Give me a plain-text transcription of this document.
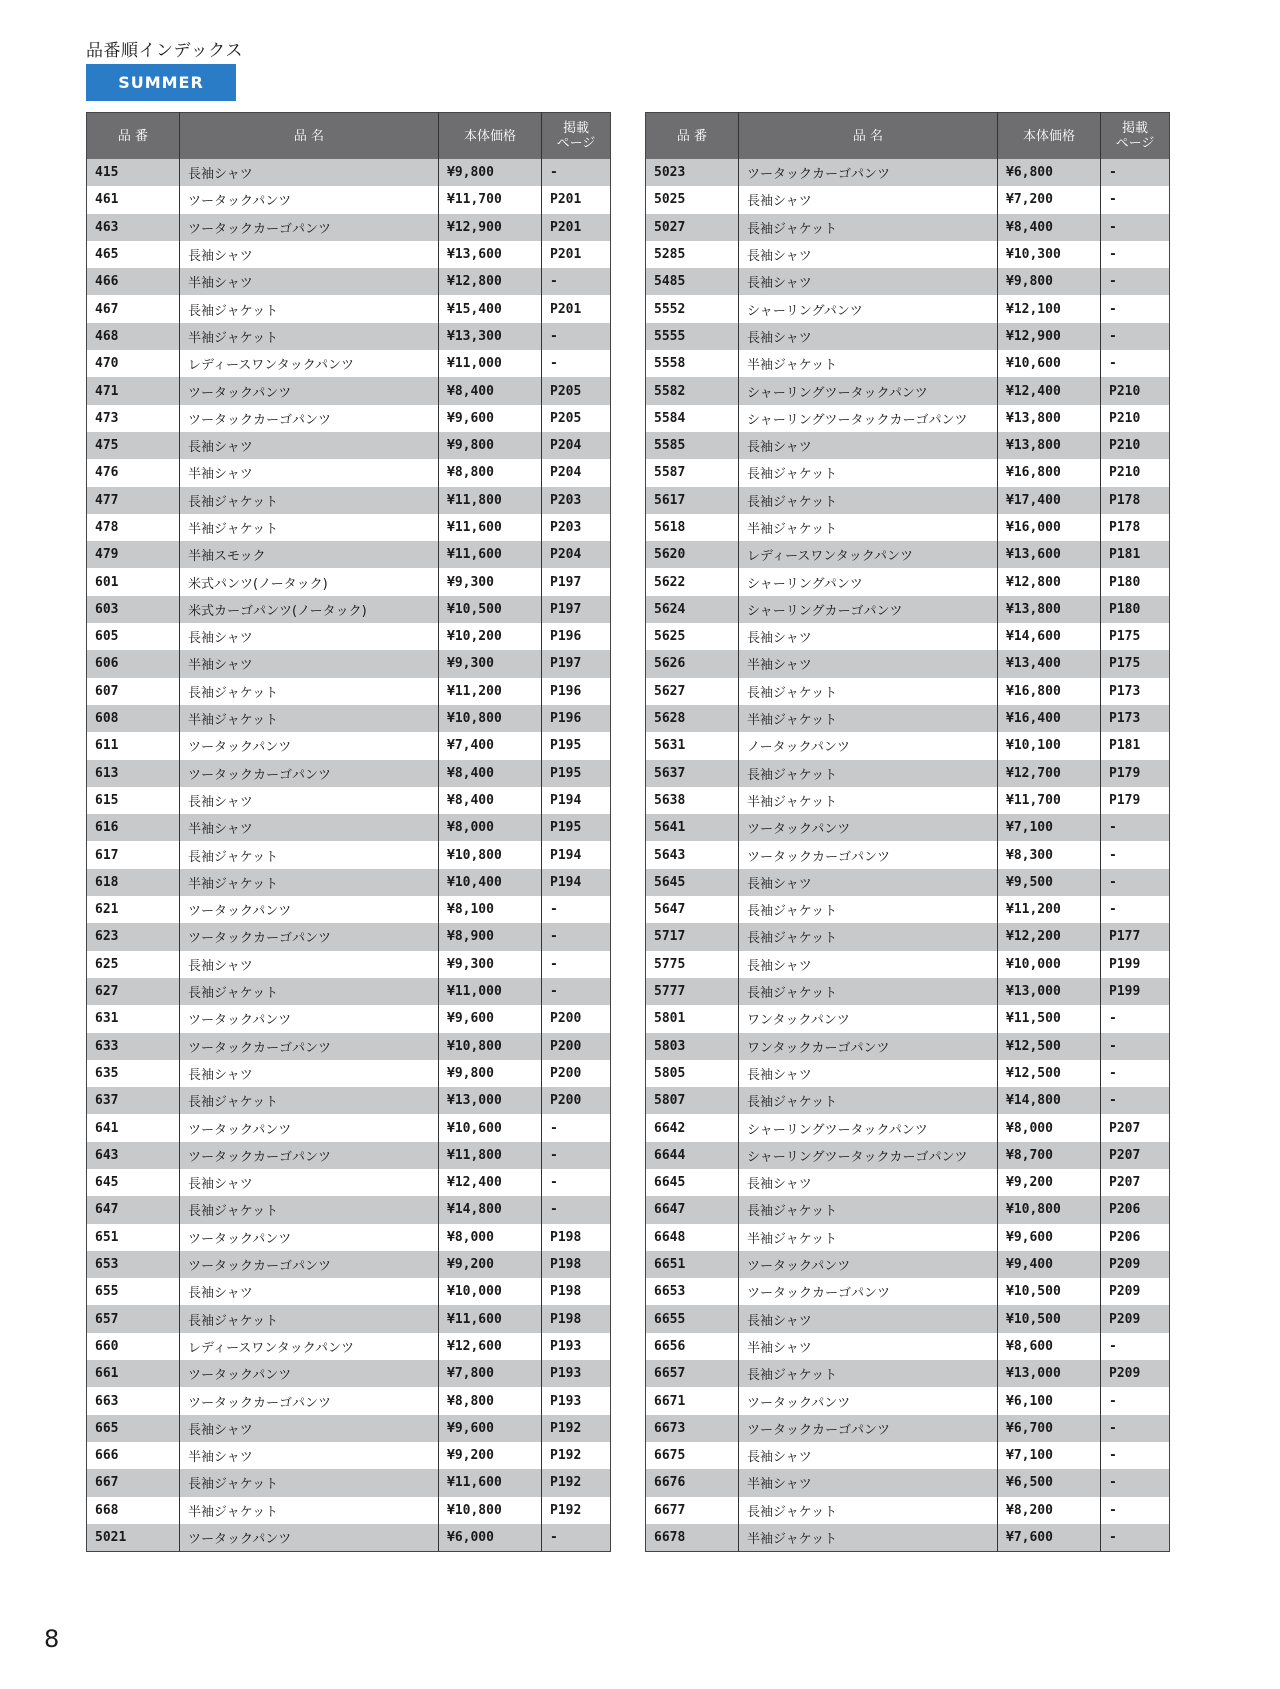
品番順インデックス
SUMMER
品 番	品 名	本体価格	掲載
ページ
415	長袖シャツ	¥9,800	-
461	ツータックパンツ	¥11,700	P201
463	ツータックカーゴパンツ	¥12,900	P201
465	長袖シャツ	¥13,600	P201
466	半袖シャツ	¥12,800	-
467	長袖ジャケット	¥15,400	P201
468	半袖ジャケット	¥13,300	-
470	レディースワンタックパンツ	¥11,000	-
471	ツータックパンツ	¥8,400	P205
473	ツータックカーゴパンツ	¥9,600	P205
475	長袖シャツ	¥9,800	P204
476	半袖シャツ	¥8,800	P204
477	長袖ジャケット	¥11,800	P203
478	半袖ジャケット	¥11,600	P203
479	半袖スモック	¥11,600	P204
601	米式パンツ(ノータック)	¥9,300	P197
603	米式カーゴパンツ(ノータック)	¥10,500	P197
605	長袖シャツ	¥10,200	P196
606	半袖シャツ	¥9,300	P197
607	長袖ジャケット	¥11,200	P196
608	半袖ジャケット	¥10,800	P196
611	ツータックパンツ	¥7,400	P195
613	ツータックカーゴパンツ	¥8,400	P195
615	長袖シャツ	¥8,400	P194
616	半袖シャツ	¥8,000	P195
617	長袖ジャケット	¥10,800	P194
618	半袖ジャケット	¥10,400	P194
621	ツータックパンツ	¥8,100	-
623	ツータックカーゴパンツ	¥8,900	-
625	長袖シャツ	¥9,300	-
627	長袖ジャケット	¥11,000	-
631	ツータックパンツ	¥9,600	P200
633	ツータックカーゴパンツ	¥10,800	P200
635	長袖シャツ	¥9,800	P200
637	長袖ジャケット	¥13,000	P200
641	ツータックパンツ	¥10,600	-
643	ツータックカーゴパンツ	¥11,800	-
645	長袖シャツ	¥12,400	-
647	長袖ジャケット	¥14,800	-
651	ツータックパンツ	¥8,000	P198
653	ツータックカーゴパンツ	¥9,200	P198
655	長袖シャツ	¥10,000	P198
657	長袖ジャケット	¥11,600	P198
660	レディースワンタックパンツ	¥12,600	P193
661	ツータックパンツ	¥7,800	P193
663	ツータックカーゴパンツ	¥8,800	P193
665	長袖シャツ	¥9,600	P192
666	半袖シャツ	¥9,200	P192
667	長袖ジャケット	¥11,600	P192
668	半袖ジャケット	¥10,800	P192
5021	ツータックパンツ	¥6,000	-
品 番	品 名	本体価格	掲載
ページ
5023	ツータックカーゴパンツ	¥6,800	-
5025	長袖シャツ	¥7,200	-
5027	長袖ジャケット	¥8,400	-
5285	長袖シャツ	¥10,300	-
5485	長袖シャツ	¥9,800	-
5552	シャーリングパンツ	¥12,100	-
5555	長袖シャツ	¥12,900	-
5558	半袖ジャケット	¥10,600	-
5582	シャーリングツータックパンツ	¥12,400	P210
5584	シャーリングツータックカーゴパンツ	¥13,800	P210
5585	長袖シャツ	¥13,800	P210
5587	長袖ジャケット	¥16,800	P210
5617	長袖ジャケット	¥17,400	P178
5618	半袖ジャケット	¥16,000	P178
5620	レディースワンタックパンツ	¥13,600	P181
5622	シャーリングパンツ	¥12,800	P180
5624	シャーリングカーゴパンツ	¥13,800	P180
5625	長袖シャツ	¥14,600	P175
5626	半袖シャツ	¥13,400	P175
5627	長袖ジャケット	¥16,800	P173
5628	半袖ジャケット	¥16,400	P173
5631	ノータックパンツ	¥10,100	P181
5637	長袖ジャケット	¥12,700	P179
5638	半袖ジャケット	¥11,700	P179
5641	ツータックパンツ	¥7,100	-
5643	ツータックカーゴパンツ	¥8,300	-
5645	長袖シャツ	¥9,500	-
5647	長袖ジャケット	¥11,200	-
5717	長袖ジャケット	¥12,200	P177
5775	長袖シャツ	¥10,000	P199
5777	長袖ジャケット	¥13,000	P199
5801	ワンタックパンツ	¥11,500	-
5803	ワンタックカーゴパンツ	¥12,500	-
5805	長袖シャツ	¥12,500	-
5807	長袖ジャケット	¥14,800	-
6642	シャーリングツータックパンツ	¥8,000	P207
6644	シャーリングツータックカーゴパンツ	¥8,700	P207
6645	長袖シャツ	¥9,200	P207
6647	長袖ジャケット	¥10,800	P206
6648	半袖ジャケット	¥9,600	P206
6651	ツータックパンツ	¥9,400	P209
6653	ツータックカーゴパンツ	¥10,500	P209
6655	長袖シャツ	¥10,500	P209
6656	半袖シャツ	¥8,600	-
6657	長袖ジャケット	¥13,000	P209
6671	ツータックパンツ	¥6,100	-
6673	ツータックカーゴパンツ	¥6,700	-
6675	長袖シャツ	¥7,100	-
6676	半袖シャツ	¥6,500	-
6677	長袖ジャケット	¥8,200	-
6678	半袖ジャケット	¥7,600	-
8
